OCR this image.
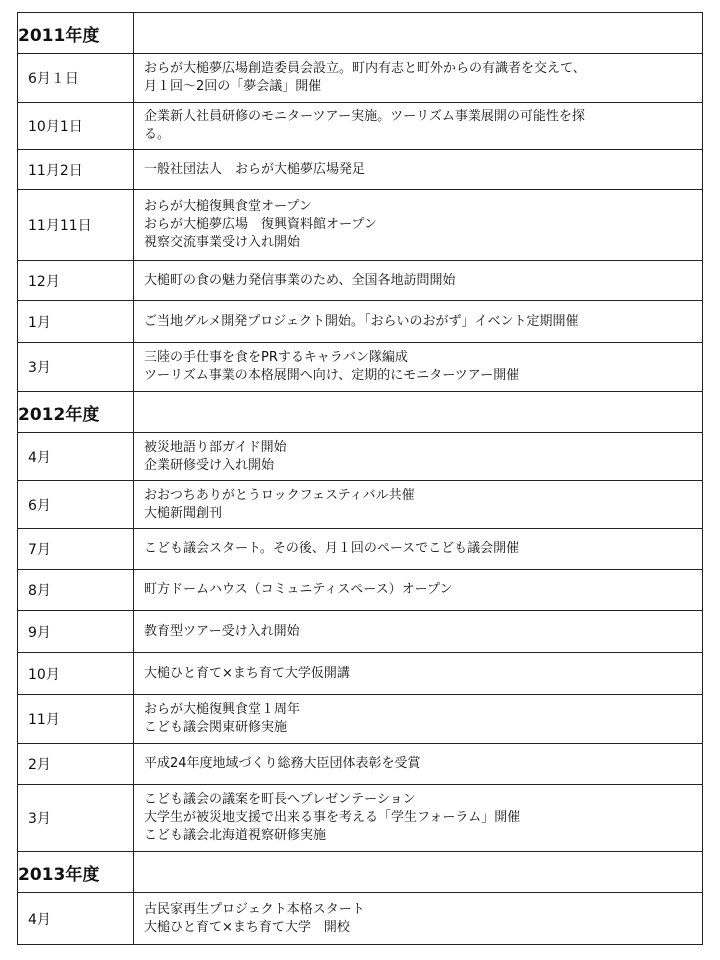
2011年度	
6月１日	おらが大槌夢広場創造委員会設立。町内有志と町外からの有識者を交えて、
月１回～2回の「夢会議」開催

10月1日	企業新人社員研修のモニターツアー実施。ツーリズム事業展開の可能性を探
る。

11月2日	一般社団法人　おらが大槌夢広場発足

11月11日	おらが大槌復興食堂オープン
おらが大槌夢広場　復興資料館オープン
視察交流事業受け入れ開始

12月	大槌町の食の魅力発信事業のため、全国各地訪問開始

1月	ご当地グルメ開発プロジェクト開始。「おらいのおがず」イベント定期開催

3月	三陸の手仕事を食をPRするキャラバン隊編成
ツーリズム事業の本格展開へ向け、定期的にモニターツアー開催

2012年度	
4月	被災地語り部ガイド開始
企業研修受け入れ開始

6月	おおつちありがとうロックフェスティバル共催
大槌新聞創刊

7月	こども議会スタート。その後、月１回のペースでこども議会開催

8月	町方ドームハウス（コミュニティスペース）オープン

9月	教育型ツアー受け入れ開始

10月	大槌ひと育て×まち育て大学仮開講

11月	おらが大槌復興食堂１周年
こども議会関東研修実施

2月	平成24年度地域づくり総務大臣団体表彰を受賞

3月	こども議会の議案を町長へプレゼンテーション
大学生が被災地支援で出来る事を考える「学生フォーラム」開催
こども議会北海道視察研修実施

2013年度	
4月	古民家再生プロジェクト本格スタート
大槌ひと育て×まち育て大学　開校
